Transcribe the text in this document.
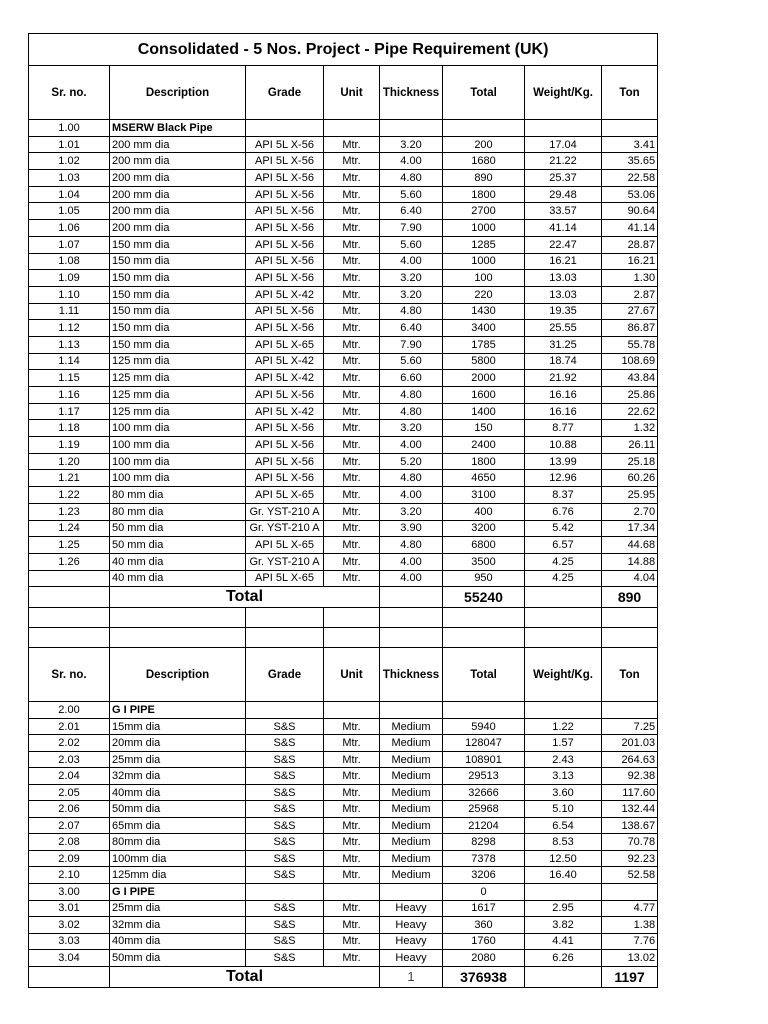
Consolidated - 5 Nos. Project - Pipe Requirement (UK)							
Sr. no.	Description	Grade	Unit	Thickness	Total	Weight/Kg.	Ton
1.00	MSERW Black Pipe						
1.01	200 mm dia	API 5L X-56	Mtr.	3.20	200	17.04	3.41
1.02	200 mm dia	API 5L X-56	Mtr.	4.00	1680	21.22	35.65
1.03	200 mm dia	API 5L X-56	Mtr.	4.80	890	25.37	22.58
1.04	200 mm dia	API 5L X-56	Mtr.	5.60	1800	29.48	53.06
1.05	200 mm dia	API 5L X-56	Mtr.	6.40	2700	33.57	90.64
1.06	200 mm dia	API 5L X-56	Mtr.	7.90	1000	41.14	41.14
1.07	150 mm dia	API 5L X-56	Mtr.	5.60	1285	22.47	28.87
1.08	150 mm dia	API 5L X-56	Mtr.	4.00	1000	16.21	16.21
1.09	150 mm dia	API 5L X-56	Mtr.	3.20	100	13.03	1.30
1.10	150 mm dia	API 5L X-42	Mtr.	3.20	220	13.03	2.87
1.11	150 mm dia	API 5L X-56	Mtr.	4.80	1430	19.35	27.67
1.12	150 mm dia	API 5L X-56	Mtr.	6.40	3400	25.55	86.87
1.13	150 mm dia	API 5L X-65	Mtr.	7.90	1785	31.25	55.78
1.14	125 mm dia	API 5L X-42	Mtr.	5.60	5800	18.74	108.69
1.15	125 mm dia	API 5L X-42	Mtr.	6.60	2000	21.92	43.84
1.16	125 mm dia	API 5L X-56	Mtr.	4.80	1600	16.16	25.86
1.17	125 mm dia	API 5L X-42	Mtr.	4.80	1400	16.16	22.62
1.18	100 mm dia	API 5L X-56	Mtr.	3.20	150	8.77	1.32
1.19	100 mm dia	API 5L X-56	Mtr.	4.00	2400	10.88	26.11
1.20	100 mm dia	API 5L X-56	Mtr.	5.20	1800	13.99	25.18
1.21	100 mm dia	API 5L X-56	Mtr.	4.80	4650	12.96	60.26
1.22	80 mm dia	API 5L X-65	Mtr.	4.00	3100	8.37	25.95
1.23	80 mm dia	Gr. YST-210 A	Mtr.	3.20	400	6.76	2.70
1.24	50 mm dia	Gr. YST-210 A	Mtr.	3.90	3200	5.42	17.34
1.25	50 mm dia	API 5L X-65	Mtr.	4.80	6800	6.57	44.68
1.26	40 mm dia	Gr. YST-210 A	Mtr.	4.00	3500	4.25	14.88
	40 mm dia	API 5L X-65	Mtr.	4.00	950	4.25	4.04
	Total				55240		890

Sr. no.	Description	Grade	Unit	Thickness	Total	Weight/Kg.	Ton
2.00	G I PIPE						
2.01	15mm dia	S&S	Mtr.	Medium	5940	1.22	7.25
2.02	20mm dia	S&S	Mtr.	Medium	128047	1.57	201.03
2.03	25mm dia	S&S	Mtr.	Medium	108901	2.43	264.63
2.04	32mm dia	S&S	Mtr.	Medium	29513	3.13	92.38
2.05	40mm dia	S&S	Mtr.	Medium	32666	3.60	117.60
2.06	50mm dia	S&S	Mtr.	Medium	25968	5.10	132.44
2.07	65mm dia	S&S	Mtr.	Medium	21204	6.54	138.67
2.08	80mm dia	S&S	Mtr.	Medium	8298	8.53	70.78
2.09	100mm dia	S&S	Mtr.	Medium	7378	12.50	92.23
2.10	125mm dia	S&S	Mtr.	Medium	3206	16.40	52.58
3.00	G I PIPE				0		
3.01	25mm dia	S&S	Mtr.	Heavy	1617	2.95	4.77
3.02	32mm dia	S&S	Mtr.	Heavy	360	3.82	1.38
3.03	40mm dia	S&S	Mtr.	Heavy	1760	4.41	7.76
3.04	50mm dia	S&S	Mtr.	Heavy	2080	6.26	13.02
	Total			1	376938		1197
